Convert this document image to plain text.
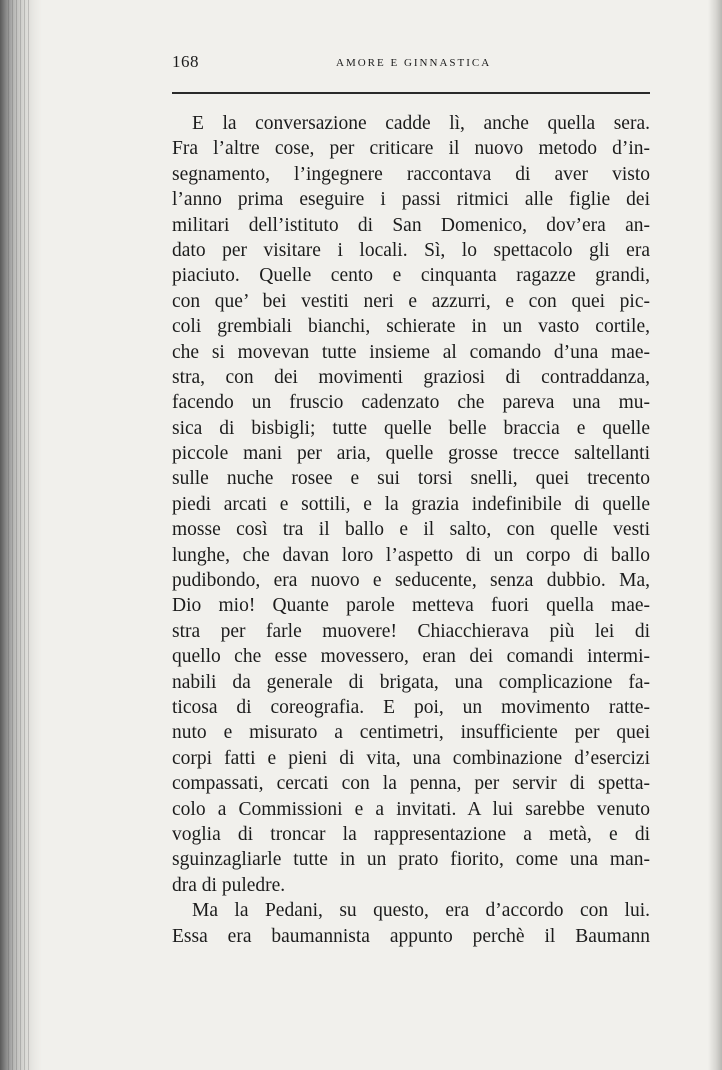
168	AMORE E GINNASTICA
E la conversazione cadde lì, anche quella sera.
Fra l’altre cose, per criticare il nuovo metodo d’in-
segnamento, l’ingegnere raccontava di aver visto
l’anno prima eseguire i passi ritmici alle figlie dei
militari dell’istituto di San Domenico, dov’era an-
dato per visitare i locali. Sì, lo spettacolo gli era
piaciuto. Quelle cento e cinquanta ragazze grandi,
con que’ bei vestiti neri e azzurri, e con quei pic-
coli grembiali bianchi, schierate in un vasto cortile,
che si movevan tutte insieme al comando d’una mae-
stra, con dei movimenti graziosi di contraddanza,
facendo un fruscio cadenzato che pareva una mu-
sica di bisbigli; tutte quelle belle braccia e quelle
piccole mani per aria, quelle grosse trecce saltellanti
sulle nuche rosee e sui torsi snelli, quei trecento
piedi arcati e sottili, e la grazia indefinibile di quelle
mosse così tra il ballo e il salto, con quelle vesti
lunghe, che davan loro l’aspetto di un corpo di ballo
pudibondo, era nuovo e seducente, senza dubbio. Ma,
Dio mio! Quante parole metteva fuori quella mae-
stra per farle muovere! Chiacchierava più lei di
quello che esse movessero, eran dei comandi intermi-
nabili da generale di brigata, una complicazione fa-
ticosa di coreografia. E poi, un movimento ratte-
nuto e misurato a centimetri, insufficiente per quei
corpi fatti e pieni di vita, una combinazione d’esercizi
compassati, cercati con la penna, per servir di spetta-
colo a Commissioni e a invitati. A lui sarebbe venuto
voglia di troncar la rappresentazione a metà, e di
sguinzagliarle tutte in un prato fiorito, come una man-
dra di puledre.
Ma la Pedani, su questo, era d’accordo con lui.
Essa era baumannista appunto perchè il Baumann
